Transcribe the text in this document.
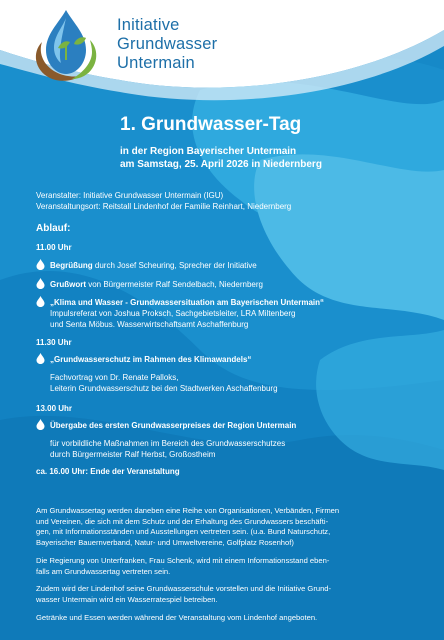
Initiative
Grundwasser
Untermain
1. Grundwasser-Tag
in der Region Bayerischer Untermain
am Samstag, 25. April 2026 in Niedernberg
Veranstalter: Initiative Grundwasser Untermain (IGU)
Veranstaltungsort: Reitstall Lindenhof der Familie Reinhart, Niedernberg
Ablauf:
11.00 Uhr
Begrüßung durch Josef Scheuring, Sprecher der Initiative
Grußwort von Bürgermeister Ralf Sendelbach, Niedernberg
„Klima und Wasser - Grundwassersituation am Bayerischen Untermain“
Impulsreferat von Joshua Proksch, Sachgebietsleiter, LRA Miltenberg
und Senta Möbus. Wasserwirtschaftsamt Aschaffenburg
11.30 Uhr
„Grundwasserschutz im Rahmen des Klimawandels“
Fachvortrag von Dr. Renate Palloks,
Leiterin Grundwasserschutz bei den Stadtwerken Aschaffenburg
13.00 Uhr
Übergabe des ersten Grundwasserpreises der Region Untermain
für vorbildliche Maßnahmen im Bereich des Grundwasserschutzes
durch Bürgermeister Ralf Herbst, Großostheim
ca. 16.00 Uhr: Ende der Veranstaltung
Am Grundwassertag werden daneben eine Reihe von Organisationen, Verbänden, Firmen
und Vereinen, die sich mit dem Schutz und der Erhaltung des Grundwassers beschäfti-
gen, mit Informationsständen und Ausstellungen vertreten sein. (u.a. Bund Naturschutz,
Bayerischer Bauernverband, Natur- und Umweltvereine, Golfplatz Rosenhof)
Die Regierung von Unterfranken, Frau Schenk, wird mit einem Informationsstand eben-
falls am Grundwassertag vertreten sein.
Zudem wird der Lindenhof seine Grundwasserschule vorstellen und die Initiative Grund-
wasser Untermain wird ein Wasserratespiel betreiben.
Getränke und Essen werden während der Veranstaltung vom Lindenhof angeboten.
